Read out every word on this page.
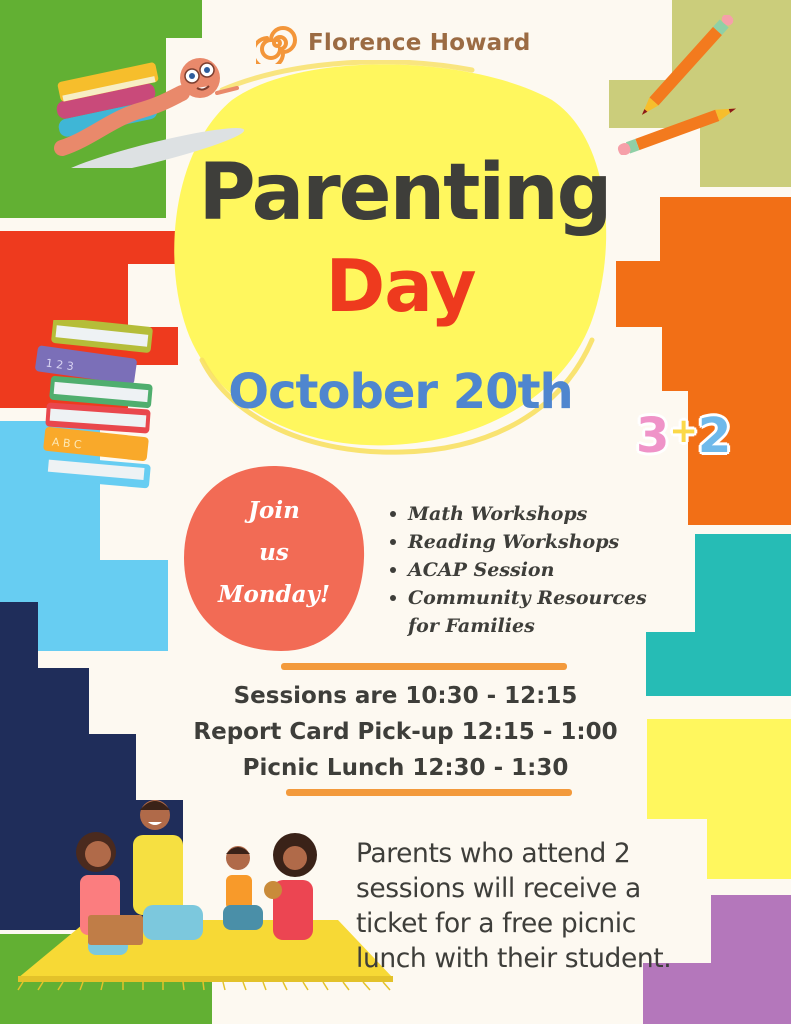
Florence Howard
1 2 3
A B C	3+2
Parenting
Day
October 20th
Join
us
Monday!
Math Workshops
Reading Workshops
ACAP Session
Community Resources
for Families
Sessions are 10:30 - 12:15
Report Card Pick-up 12:15 - 1:00
Picnic Lunch 12:30 - 1:30
Parents who attend 2
sessions will receive a
ticket for a free picnic
lunch with their student.
